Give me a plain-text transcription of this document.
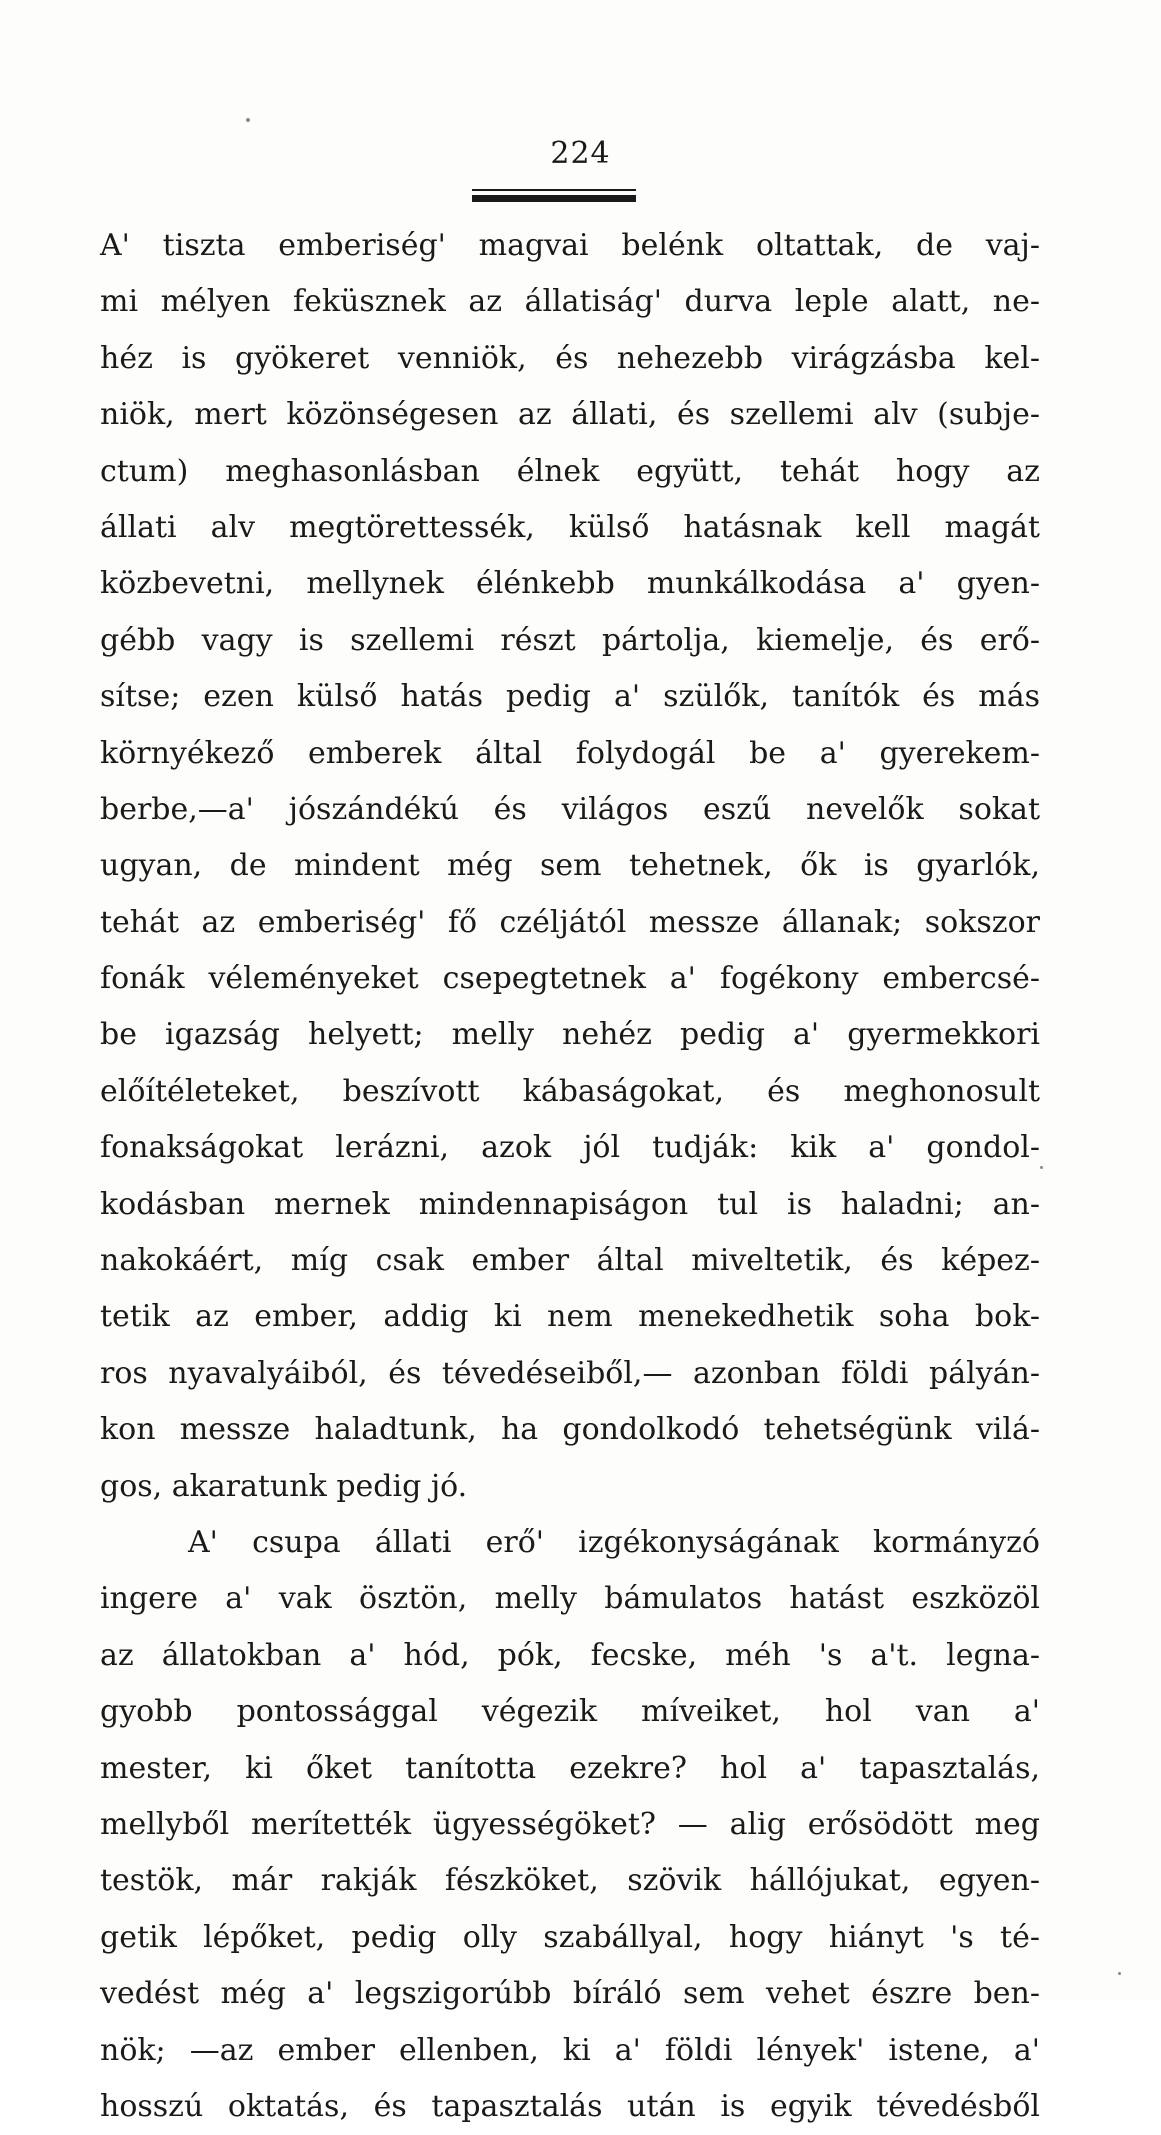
224
A' tiszta emberiség' magvai belénk oltattak, de vaj-
mi mélyen feküsznek az állatiság' durva leple alatt, ne-
héz is gyökeret venniök, és nehezebb virágzásba kel-
niök, mert közönségesen az állati, és szellemi alv (subje-
ctum) meghasonlásban élnek együtt, tehát hogy az
állati alv megtörettessék, külső hatásnak kell magát
közbevetni, mellynek élénkebb munkálkodása a' gyen-
gébb vagy is szellemi részt pártolja, kiemelje, és erő-
sítse; ezen külső hatás pedig a' szülők, tanítók és más
környékező emberek által folydogál be a' gyerekem-
berbe,—a' jószándékú és világos eszű nevelők sokat
ugyan, de mindent még sem tehetnek, ők is gyarlók,
tehát az emberiség' fő czéljától messze állanak; sokszor
fonák véleményeket csepegtetnek a' fogékony embercsé-
be igazság helyett; melly nehéz pedig a' gyermekkori
előítéleteket, beszívott kábaságokat, és meghonosult
fonakságokat lerázni, azok jól tudják: kik a' gondol-
kodásban mernek mindennapiságon tul is haladni; an-
nakokáért, míg csak ember által miveltetik, és képez-
tetik az ember, addig ki nem menekedhetik soha bok-
ros nyavalyáiból, és tévedéseiből,— azonban földi pályán-
kon messze haladtunk, ha gondolkodó tehetségünk vilá-
gos, akaratunk pedig jó.
A' csupa állati erő' izgékonyságának kormányzó
ingere a' vak ösztön, melly bámulatos hatást eszközöl
az állatokban a' hód, pók, fecske, méh 's a't. legna-
gyobb pontossággal végezik míveiket, hol van a'
mester, ki őket tanította ezekre? hol a' tapasztalás,
mellyből merítették ügyességöket? — alig erősödött meg
testök, már rakják fészköket, szövik hállójukat, egyen-
getik lépőket, pedig olly szabállyal, hogy hiányt 's té-
vedést még a' legszigorúbb bíráló sem vehet észre ben-
nök; —az ember ellenben, ki a' földi lények' istene, a'
hosszú oktatás, és tapasztalás után is egyik tévedésből
